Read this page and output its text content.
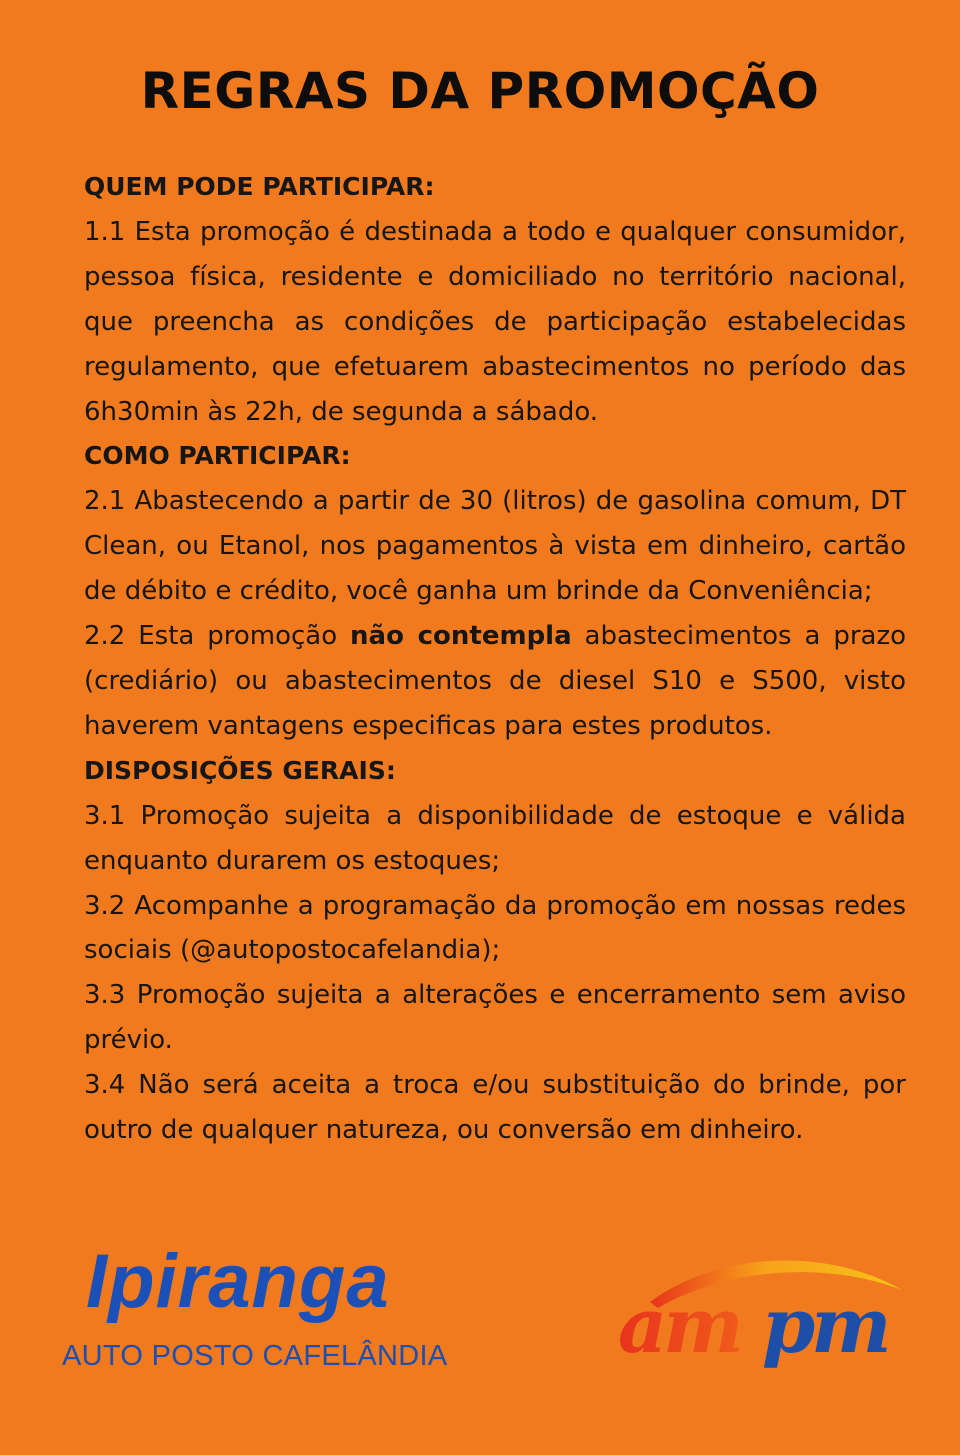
REGRAS DA PROMOÇÃO
QUEM PODE PARTICIPAR:
1.1 Esta promoção é destinada a todo e qualquer consumidor, pessoa física, residente e domiciliado no território nacional, que preencha as condições de participação estabelecidas regulamento, que efetuarem abastecimentos no período das 6h30min às 22h, de segunda a sábado.
COMO PARTICIPAR:
2.1 Abastecendo a partir de 30 (litros) de gasolina comum, DT Clean, ou Etanol, nos pagamentos à vista em dinheiro, cartão de débito e crédito, você ganha um brinde da Conveniência;
2.2 Esta promoção não contempla abastecimentos a prazo (crediário) ou abastecimentos de diesel S10 e S500, visto haverem vantagens especificas para estes produtos.
DISPOSIÇÕES GERAIS:
3.1 Promoção sujeita a disponibilidade de estoque e válida enquanto durarem os estoques;
3.2 Acompanhe a programação da promoção em nossas redes sociais (@autopostocafelandia);
3.3 Promoção sujeita a alterações e encerramento sem aviso prévio.
3.4 Não será aceita a troca e/ou substituição do brinde, por outro de qualquer natureza, ou conversão em dinheiro.
Ipiranga
AUTO POSTO CAFELÂNDIA am pm
